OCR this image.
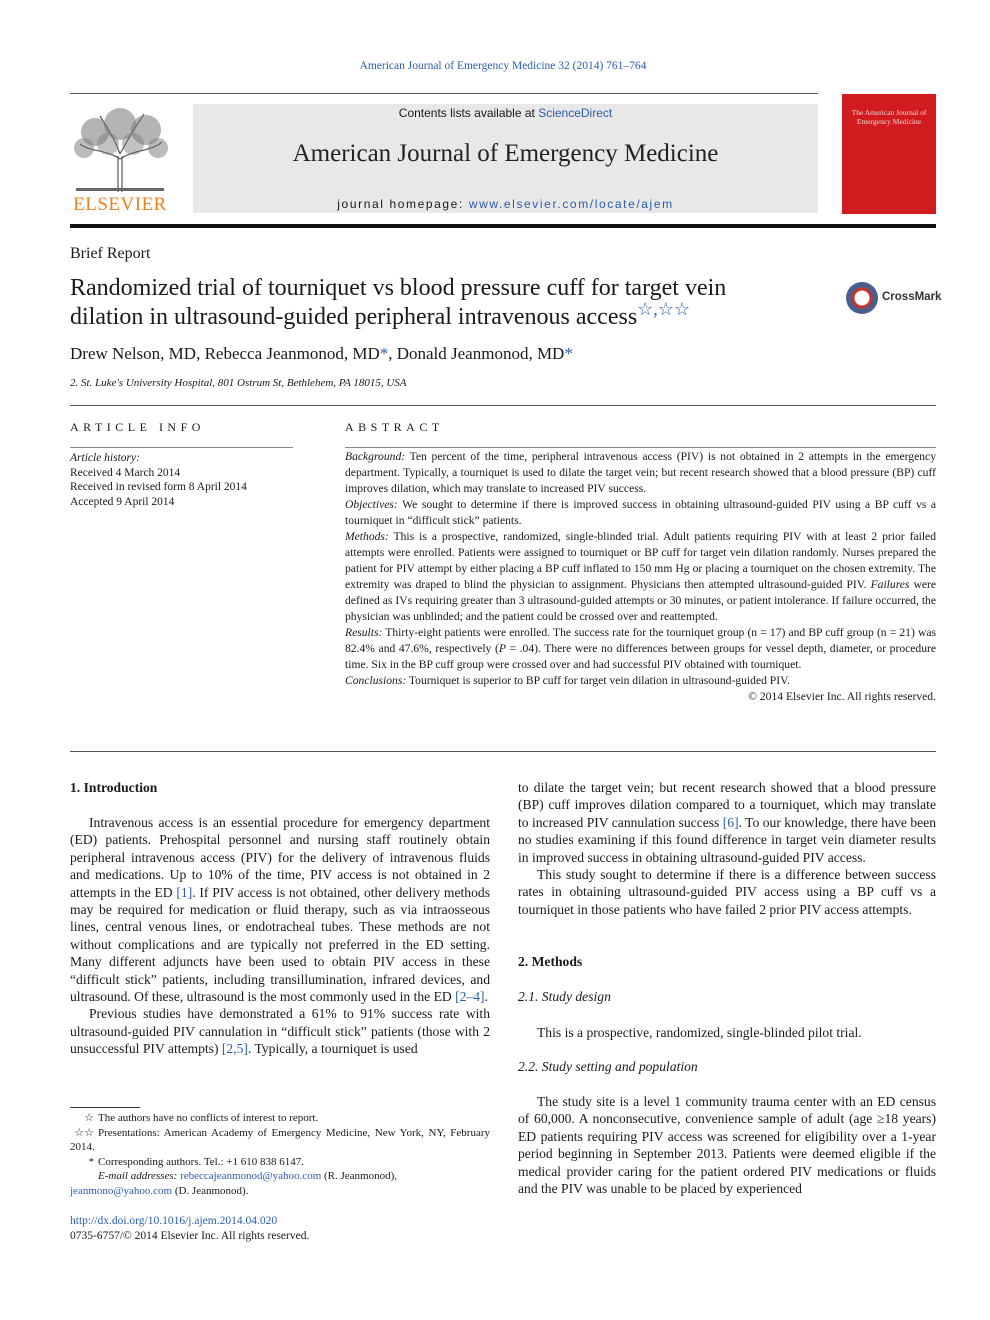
American Journal of Emergency Medicine 32 (2014) 761–764
ELSEVIER
Contents lists available at ScienceDirect
American Journal of Emergency Medicine
journal homepage: www.elsevier.com/locate/ajem
The American Journal of Emergency Medicine
Brief Report
Randomized trial of tourniquet vs blood pressure cuff for target vein
dilation in ultrasound-guided peripheral intravenous access☆,☆☆
CrossMark
Drew Nelson, MD, Rebecca Jeanmonod, MD*, Donald Jeanmonod, MD*
2. St. Luke's University Hospital, 801 Ostrum St, Bethlehem, PA 18015, USA
ARTICLE INFO
Article history:
Received 4 March 2014
Received in revised form 8 April 2014
Accepted 9 April 2014
ABSTRACT

Background: Ten percent of the time, peripheral intravenous access (PIV) is not obtained in 2 attempts in the emergency department. Typically, a tourniquet is used to dilate the target vein; but recent research showed that a blood pressure (BP) cuff improves dilation, which may translate to increased PIV success.

Objectives: We sought to determine if there is improved success in obtaining ultrasound-guided PIV using a BP cuff vs a tourniquet in “difficult stick” patients.

Methods: This is a prospective, randomized, single-blinded trial. Adult patients requiring PIV with at least 2 prior failed attempts were enrolled. Patients were assigned to tourniquet or BP cuff for target vein dilation randomly. Nurses prepared the patient for PIV attempt by either placing a BP cuff inflated to 150 mm Hg or placing a tourniquet on the chosen extremity. The extremity was draped to blind the physician to assignment. Physicians then attempted ultrasound-guided PIV. Failures were defined as IVs requiring greater than 3 ultrasound-guided attempts or 30 minutes, or patient intolerance. If failure occurred, the physician was unblinded; and the patient could be crossed over and reattempted.

Results: Thirty-eight patients were enrolled. The success rate for the tourniquet group (n = 17) and BP cuff group (n = 21) was 82.4% and 47.6%, respectively (P = .04). There were no differences between groups for vessel depth, diameter, or procedure time. Six in the BP cuff group were crossed over and had successful PIV obtained with tourniquet.

Conclusions: Tourniquet is superior to BP cuff for target vein dilation in ultrasound-guided PIV.

© 2014 Elsevier Inc. All rights reserved.

1. Introduction

Intravenous access is an essential procedure for emergency department (ED) patients. Prehospital personnel and nursing staff routinely obtain peripheral intravenous access (PIV) for the delivery of intravenous fluids and medications. Up to 10% of the time, PIV access is not obtained in 2 attempts in the ED [1]. If PIV access is not obtained, other delivery methods may be required for medication or fluid therapy, such as via intraosseous lines, central venous lines, or endotracheal tubes. These methods are not without complications and are typically not preferred in the ED setting. Many different adjuncts have been used to obtain PIV access in these “difficult stick” patients, including transillumination, infrared devices, and ultrasound. Of these, ultrasound is the most commonly used in the ED [2–4].

Previous studies have demonstrated a 61% to 91% success rate with ultrasound-guided PIV cannulation in “difficult stick” patients (those with 2 unsuccessful PIV attempts) [2,5]. Typically, a tourniquet is used

☆ The authors have no conflicts of interest to report.

☆☆ Presentations: American Academy of Emergency Medicine, New York, NY, February 2014.

* Corresponding authors. Tel.: +1 610 838 6147.

E-mail addresses: rebeccajeanmonod@yahoo.com (R. Jeanmonod),
jeanmono@yahoo.com (D. Jeanmonod).

http://dx.doi.org/10.1016/j.ajem.2014.04.020
0735-6757/© 2014 Elsevier Inc. All rights reserved.

to dilate the target vein; but recent research showed that a blood pressure (BP) cuff improves dilation compared to a tourniquet, which may translate to increased PIV cannulation success [6]. To our knowledge, there have been no studies examining if this found difference in target vein diameter results in improved success in obtaining ultrasound-guided PIV access.

This study sought to determine if there is a difference between success rates in obtaining ultrasound-guided PIV access using a BP cuff vs a tourniquet in those patients who have failed 2 prior PIV access attempts.

2. Methods
2.1. Study design

This is a prospective, randomized, single-blinded pilot trial.

2.2. Study setting and population

The study site is a level 1 community trauma center with an ED census of 60,000. A nonconsecutive, convenience sample of adult (age ≥18 years) ED patients requiring PIV access was screened for eligibility over a 1-year period beginning in September 2013. Patients were deemed eligible if the medical provider caring for the patient ordered PIV medications or fluids and the PIV was unable to be placed by experienced
